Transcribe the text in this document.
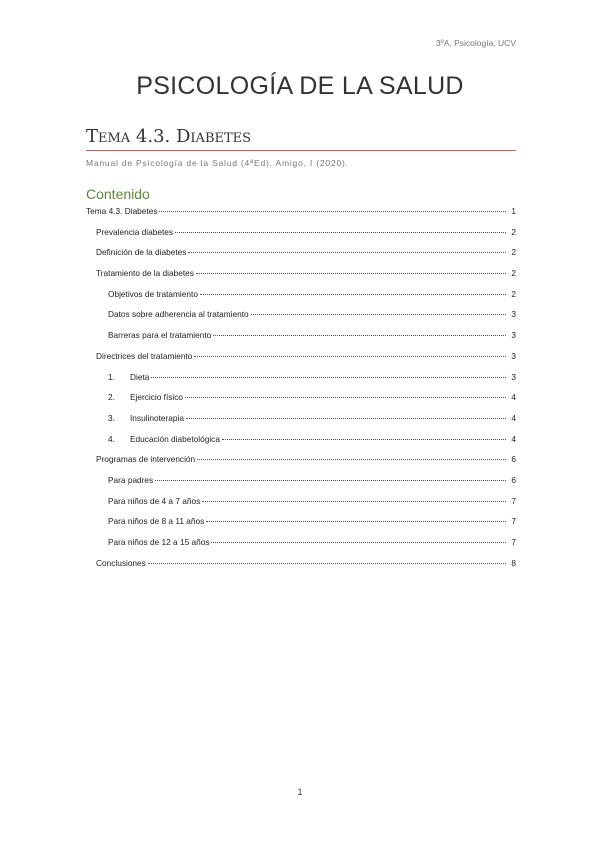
3ºA, Psicología, UCV
PSICOLOGÍA DE LA SALUD
Tema 4.3. Diabetes
Manual de Psicología de la Salud (4ªEd). Amigo, I (2020).
Contenido
Tema 4.3. Diabetes	1
Prevalencia diabetes	2
Definición de la diabetes	2
Tratamiento de la diabetes	2
Objetivos de tratamiento	2
Datos sobre adherencia al tratamiento	3
Barreras para el tratamiento	3
Directrices del tratamiento	3
1.	Dieta	3
2.	Ejercicio físico	4
3.	Insulinoterapia	4
4.	Educación diabetológica	4
Programas de intervención	6
Para padres	6
Para niños de 4 a 7 años	7
Para niños de 8 a 11 años	7
Para niños de 12 a 15 años	7
Conclusiones	8
1
